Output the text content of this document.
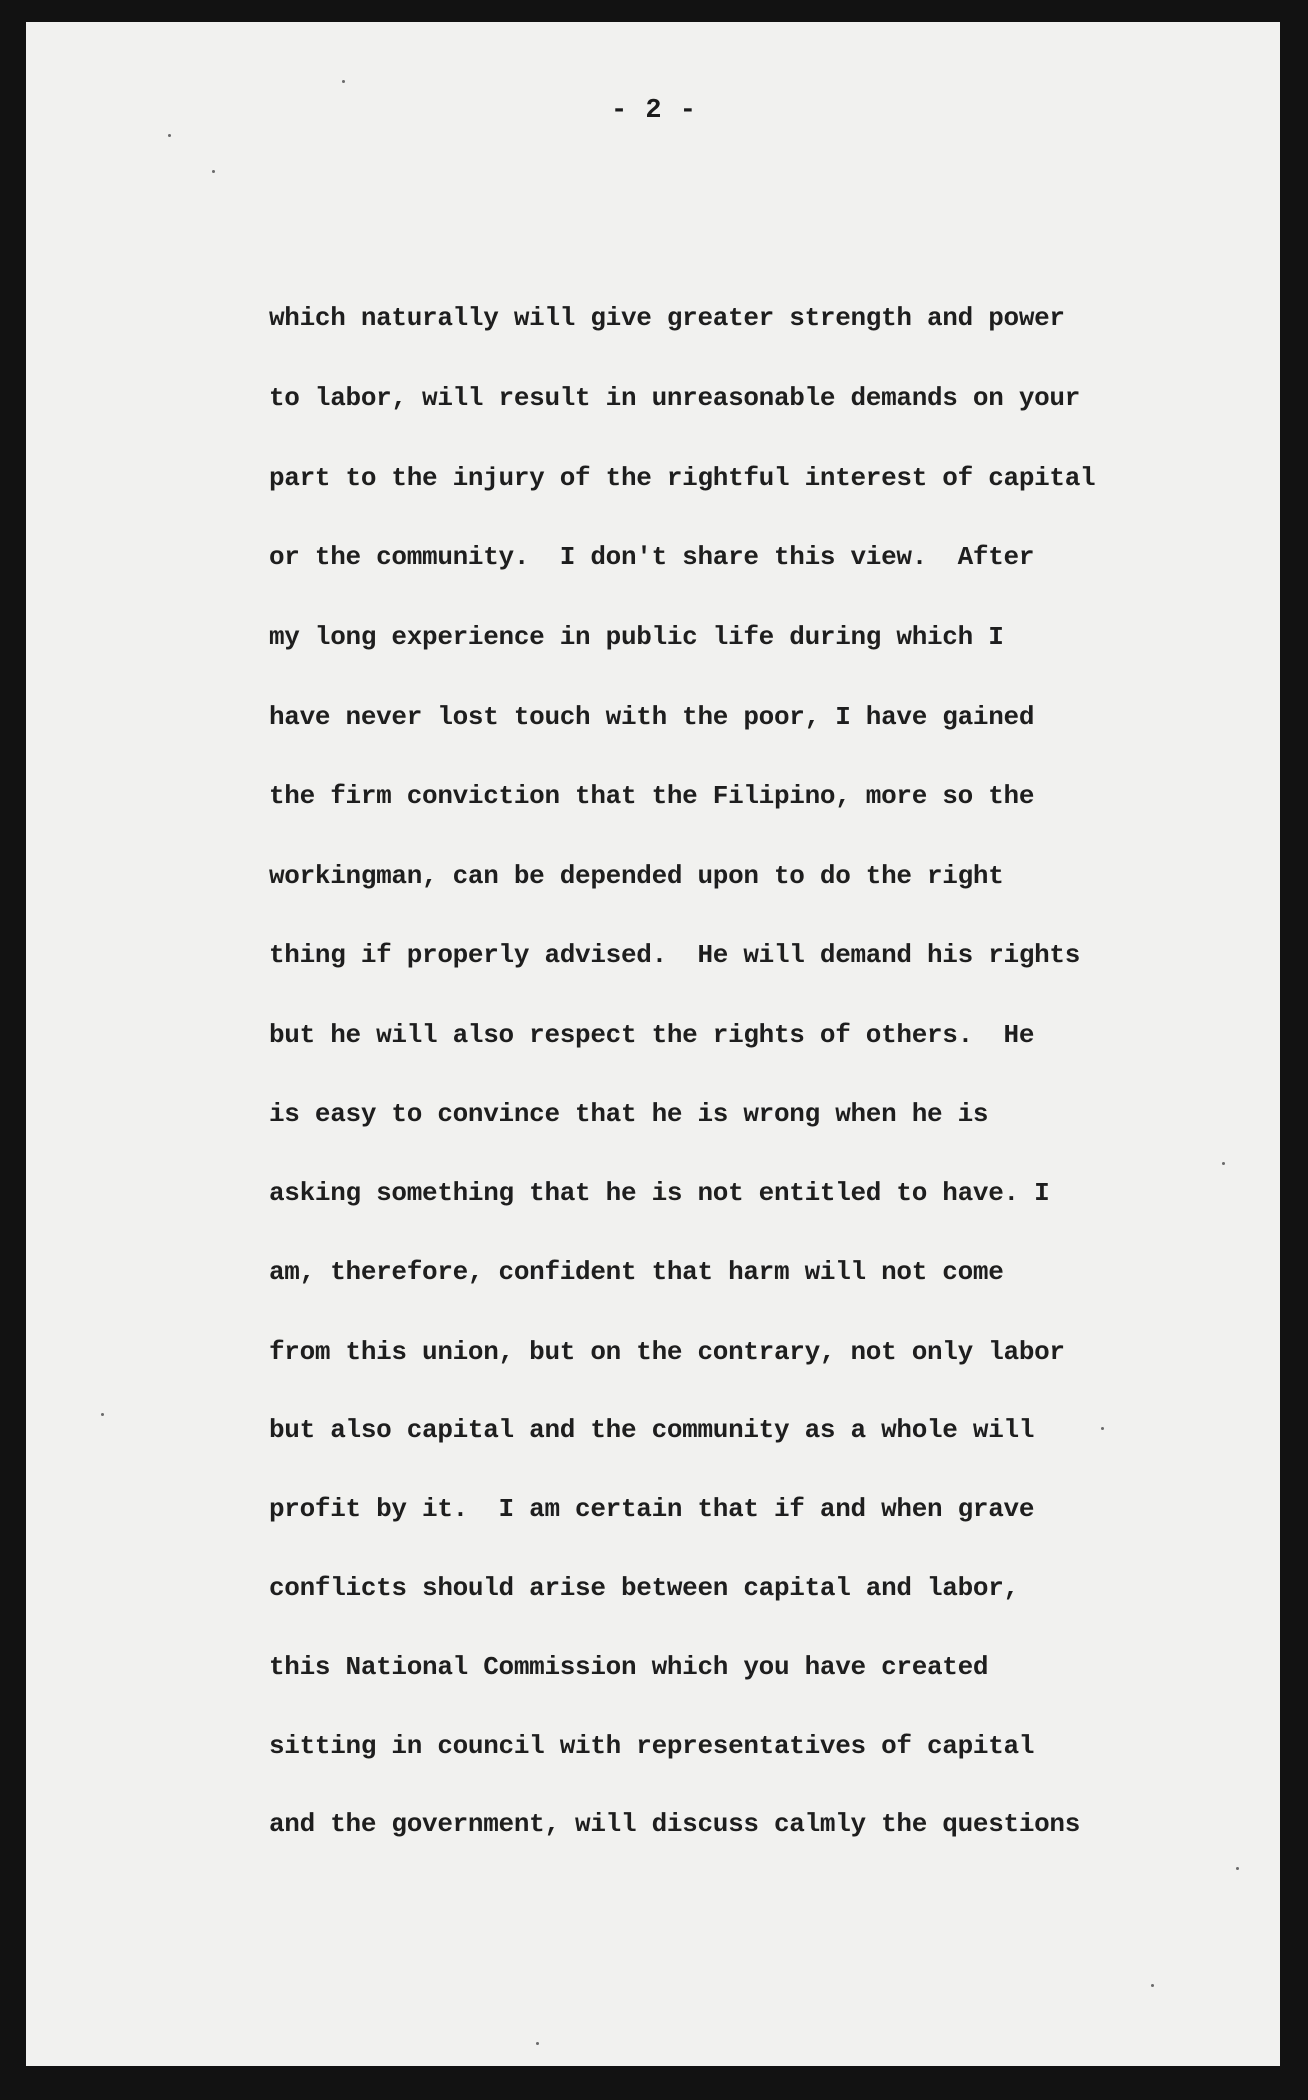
- 2 -
which naturally will give greater strength and power
to labor, will result in unreasonable demands on your
part to the injury of the rightful interest of capital
or the community.  I don't share this view.  After
my long experience in public life during which I
have never lost touch with the poor, I have gained
the firm conviction that the Filipino, more so the
workingman, can be depended upon to do the right
thing if properly advised.  He will demand his rights
but he will also respect the rights of others.  He
is easy to convince that he is wrong when he is
asking something that he is not entitled to have. I
am, therefore, confident that harm will not come
from this union, but on the contrary, not only labor
but also capital and the community as a whole will
profit by it.  I am certain that if and when grave
conflicts should arise between capital and labor,
this National Commission which you have created
sitting in council with representatives of capital
and the government, will discuss calmly the questions
